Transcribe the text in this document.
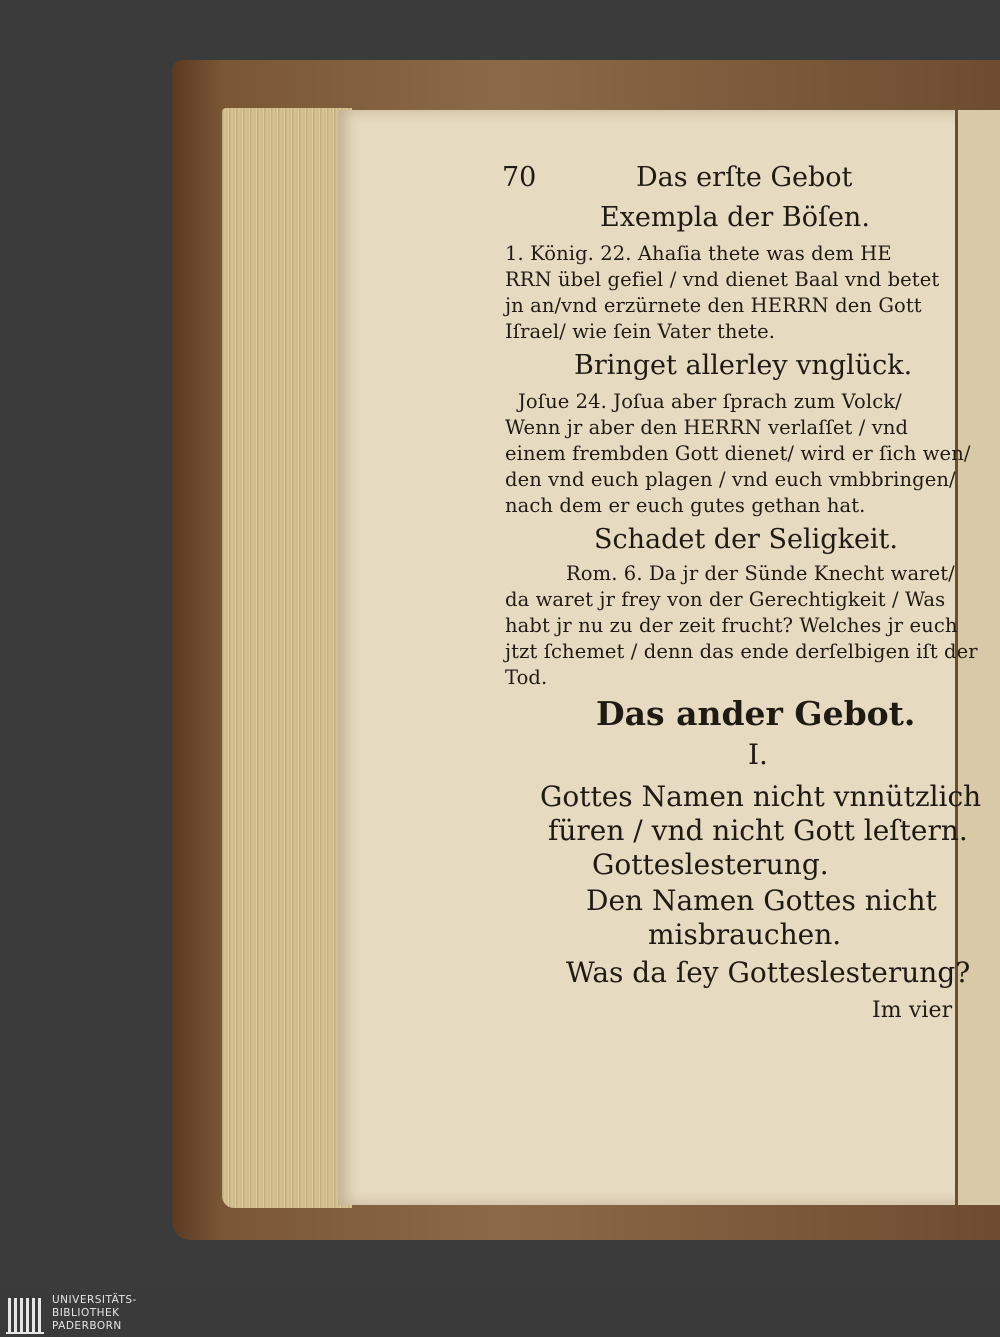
70	Das erſte Gebot
Exempla der Böſen.
1. König. 22. Ahaſia thete was dem HE
RRN übel gefiel / vnd dienet Baal vnd betet
jn an/vnd erzürnete den HERRN den Gott
Iſrael/ wie ſein Vater thete.
Bringet allerley vnglück.
Joſue 24. Joſua aber ſprach zum Volck/
Wenn jr aber den HERRN verlaſſet / vnd
einem frembden Gott dienet/ wird er ſich wen/
den vnd euch plagen / vnd euch vmbbringen/
nach dem er euch gutes gethan hat.
Schadet der Seligkeit.
Rom. 6. Da jr der Sünde Knecht waret/
da waret jr frey von der Gerechtigkeit / Was
habt jr nu zu der zeit frucht? Welches jr euch
jtzt ſchemet / denn das ende derſelbigen iſt der
Tod.
Das ander Gebot.
I.
Gottes Namen nicht vnnützlich
füren / vnd nicht Gott leſtern.
Gotteslesterung.
Den Namen Gottes nicht
misbrauchen.
Was da ſey Gotteslesterung?
Im vier
UNIVERSITÄTS-
BIBLIOTHEK
PADERBORN
